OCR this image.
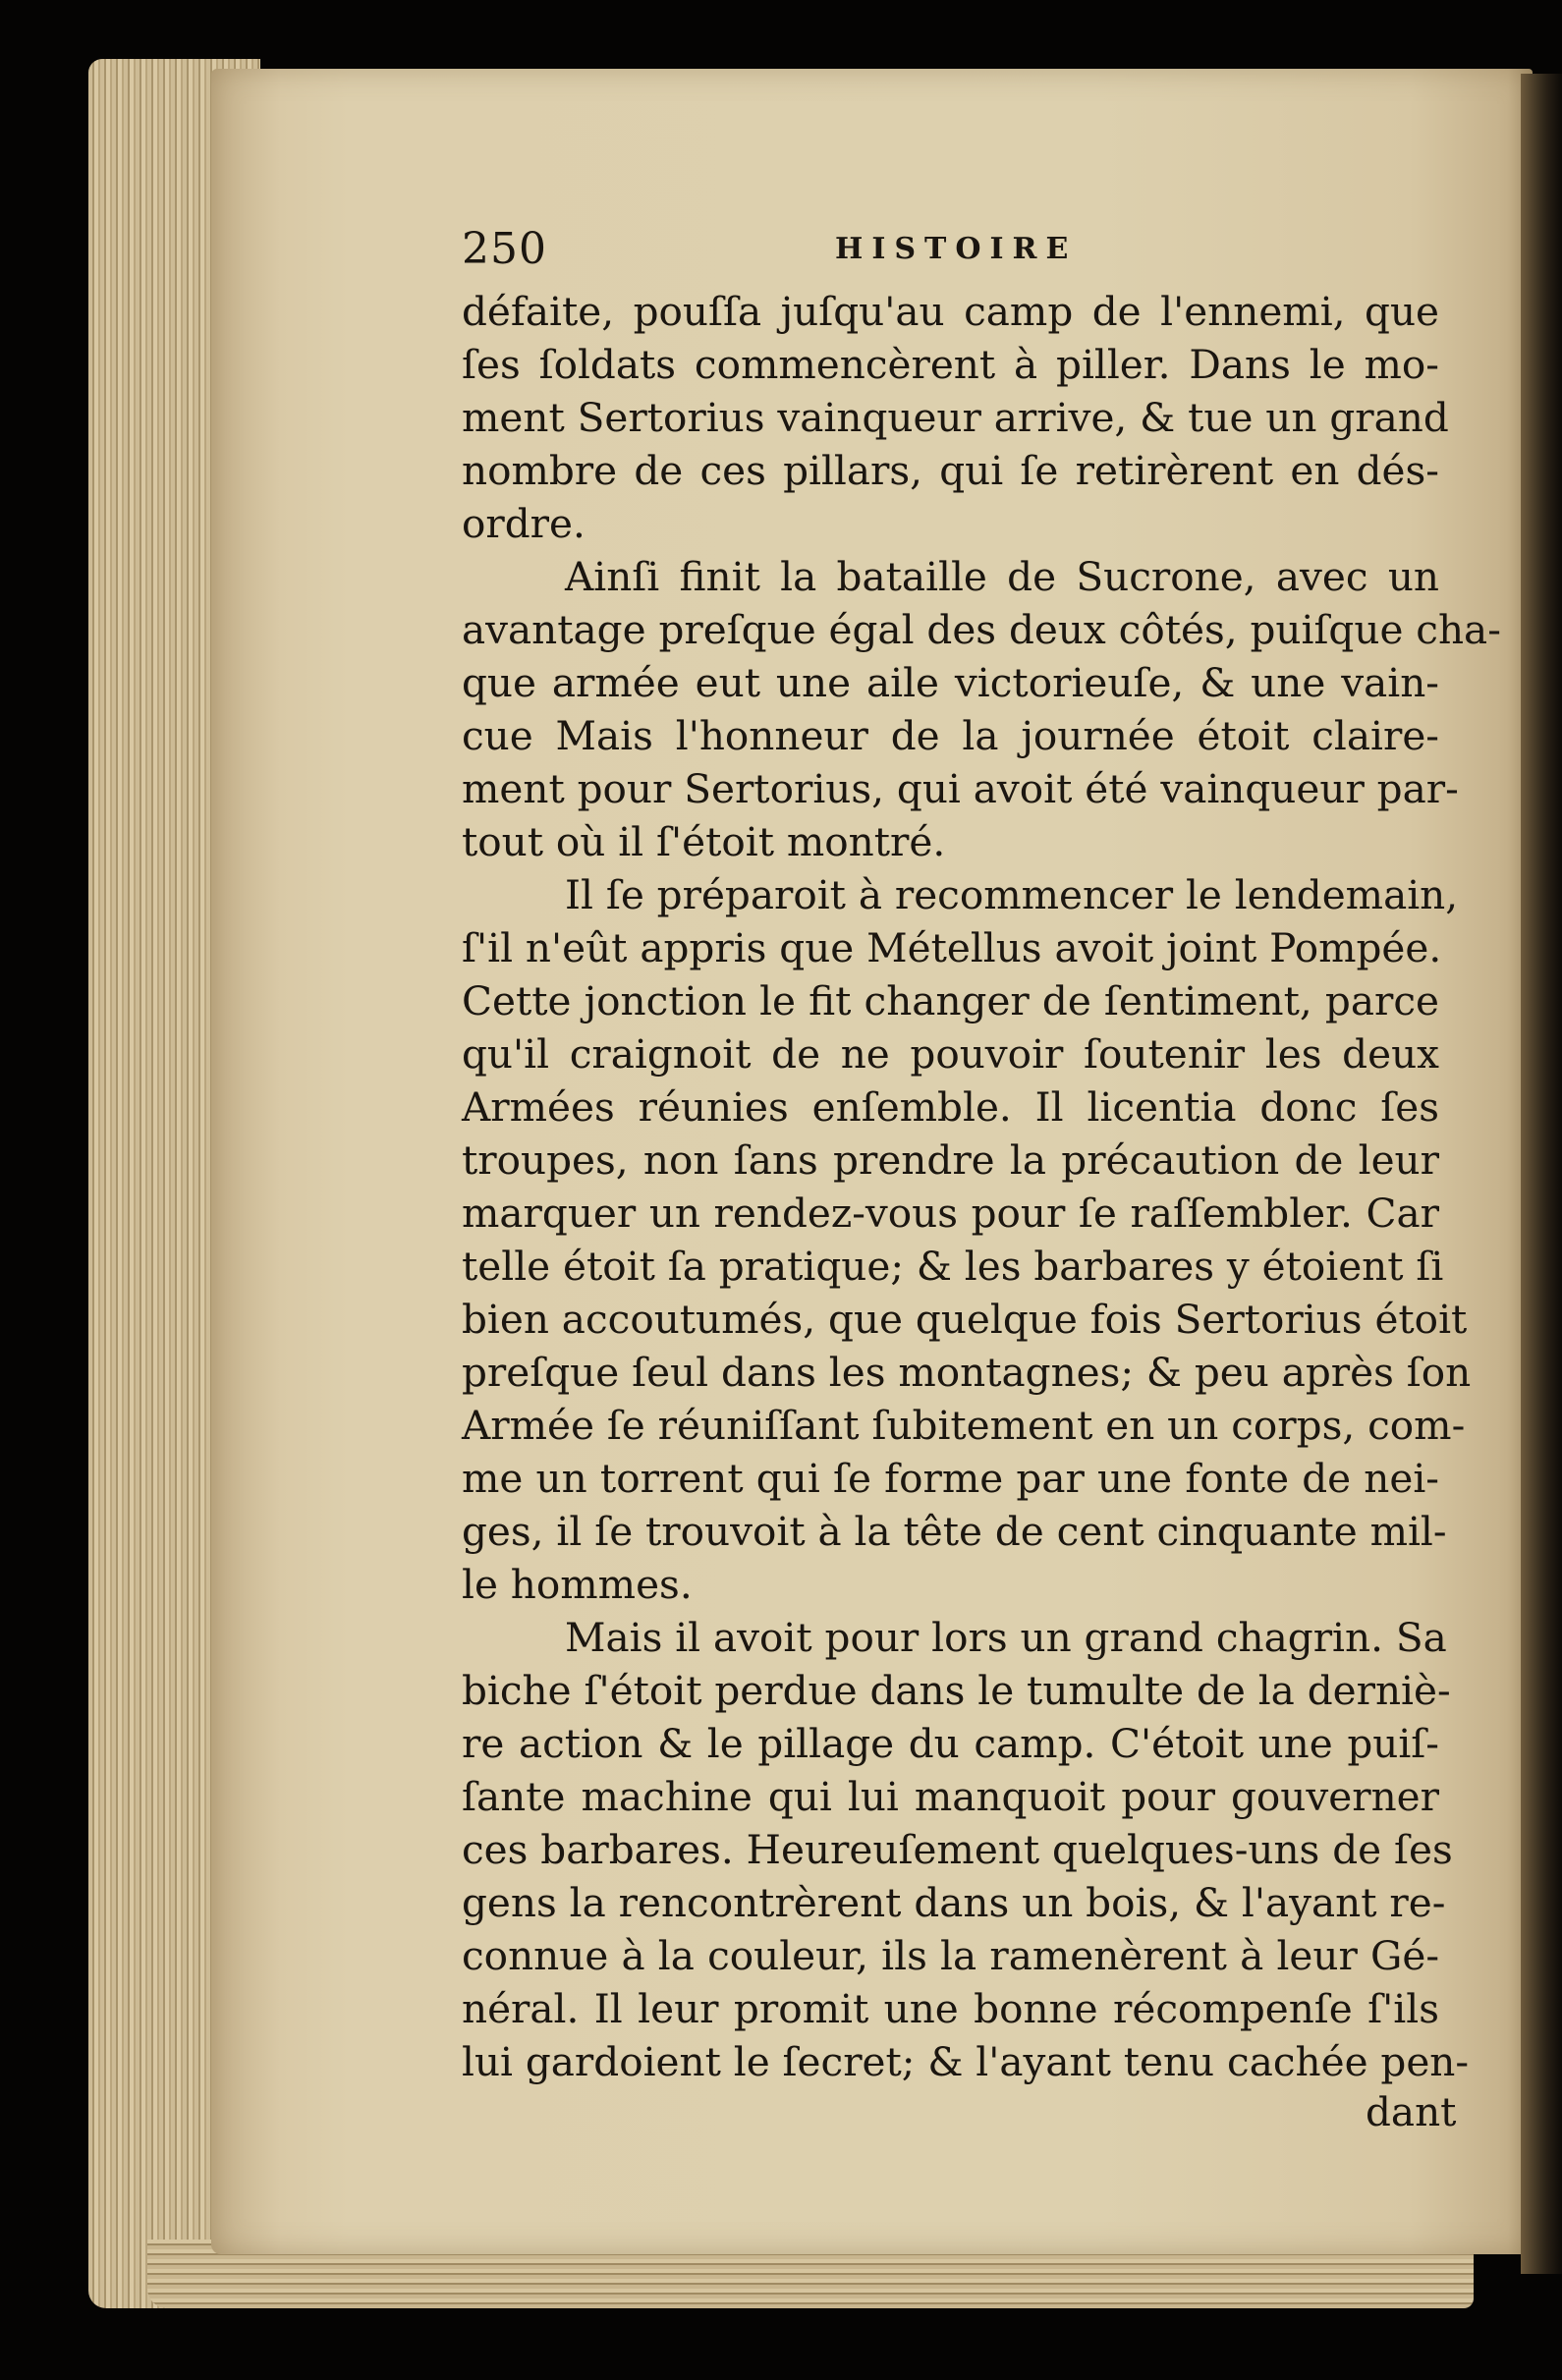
250	HISTOIRE

défaite, pouſſa juſqu'au camp de l'ennemi, que
ſes ſoldats commencèrent à piller. Dans le mo-
ment Sertorius vainqueur arrive, & tue un grand
nombre de ces pillars, qui ſe retirèrent en dés-
ordre.

Ainſi finit la bataille de Sucrone, avec un
avantage preſque égal des deux côtés, puiſque cha-
que armée eut une aile victorieuſe, & une vain-
cue Mais l'honneur de la journée étoit claire-
ment pour Sertorius, qui avoit été vainqueur par-
tout où il ſ'étoit montré.

Il ſe préparoit à recommencer le lendemain,
ſ'il n'eût appris que Métellus avoit joint Pompée.
Cette jonction le fit changer de ſentiment, parce
qu'il craignoit de ne pouvoir ſoutenir les deux
Armées réunies enſemble. Il licentia donc ſes
troupes, non ſans prendre la précaution de leur
marquer un rendez-vous pour ſe raſſembler. Car
telle étoit ſa pratique; & les barbares y étoient ſi
bien accoutumés, que quelque fois Sertorius étoit
preſque ſeul dans les montagnes; & peu après ſon
Armée ſe réuniſſant ſubitement en un corps, com-
me un torrent qui ſe forme par une fonte de nei-
ges, il ſe trouvoit à la tête de cent cinquante mil-
le hommes.

Mais il avoit pour lors un grand chagrin. Sa
biche ſ'étoit perdue dans le tumulte de la derniè-
re action & le pillage du camp. C'étoit une puiſ-
ſante machine qui lui manquoit pour gouverner
ces barbares. Heureuſement quelques-uns de ſes
gens la rencontrèrent dans un bois, & l'ayant re-
connue à la couleur, ils la ramenèrent à leur Gé-
néral. Il leur promit une bonne récompenſe ſ'ils
lui gardoient le ſecret; & l'ayant tenu cachée pen-

dant
